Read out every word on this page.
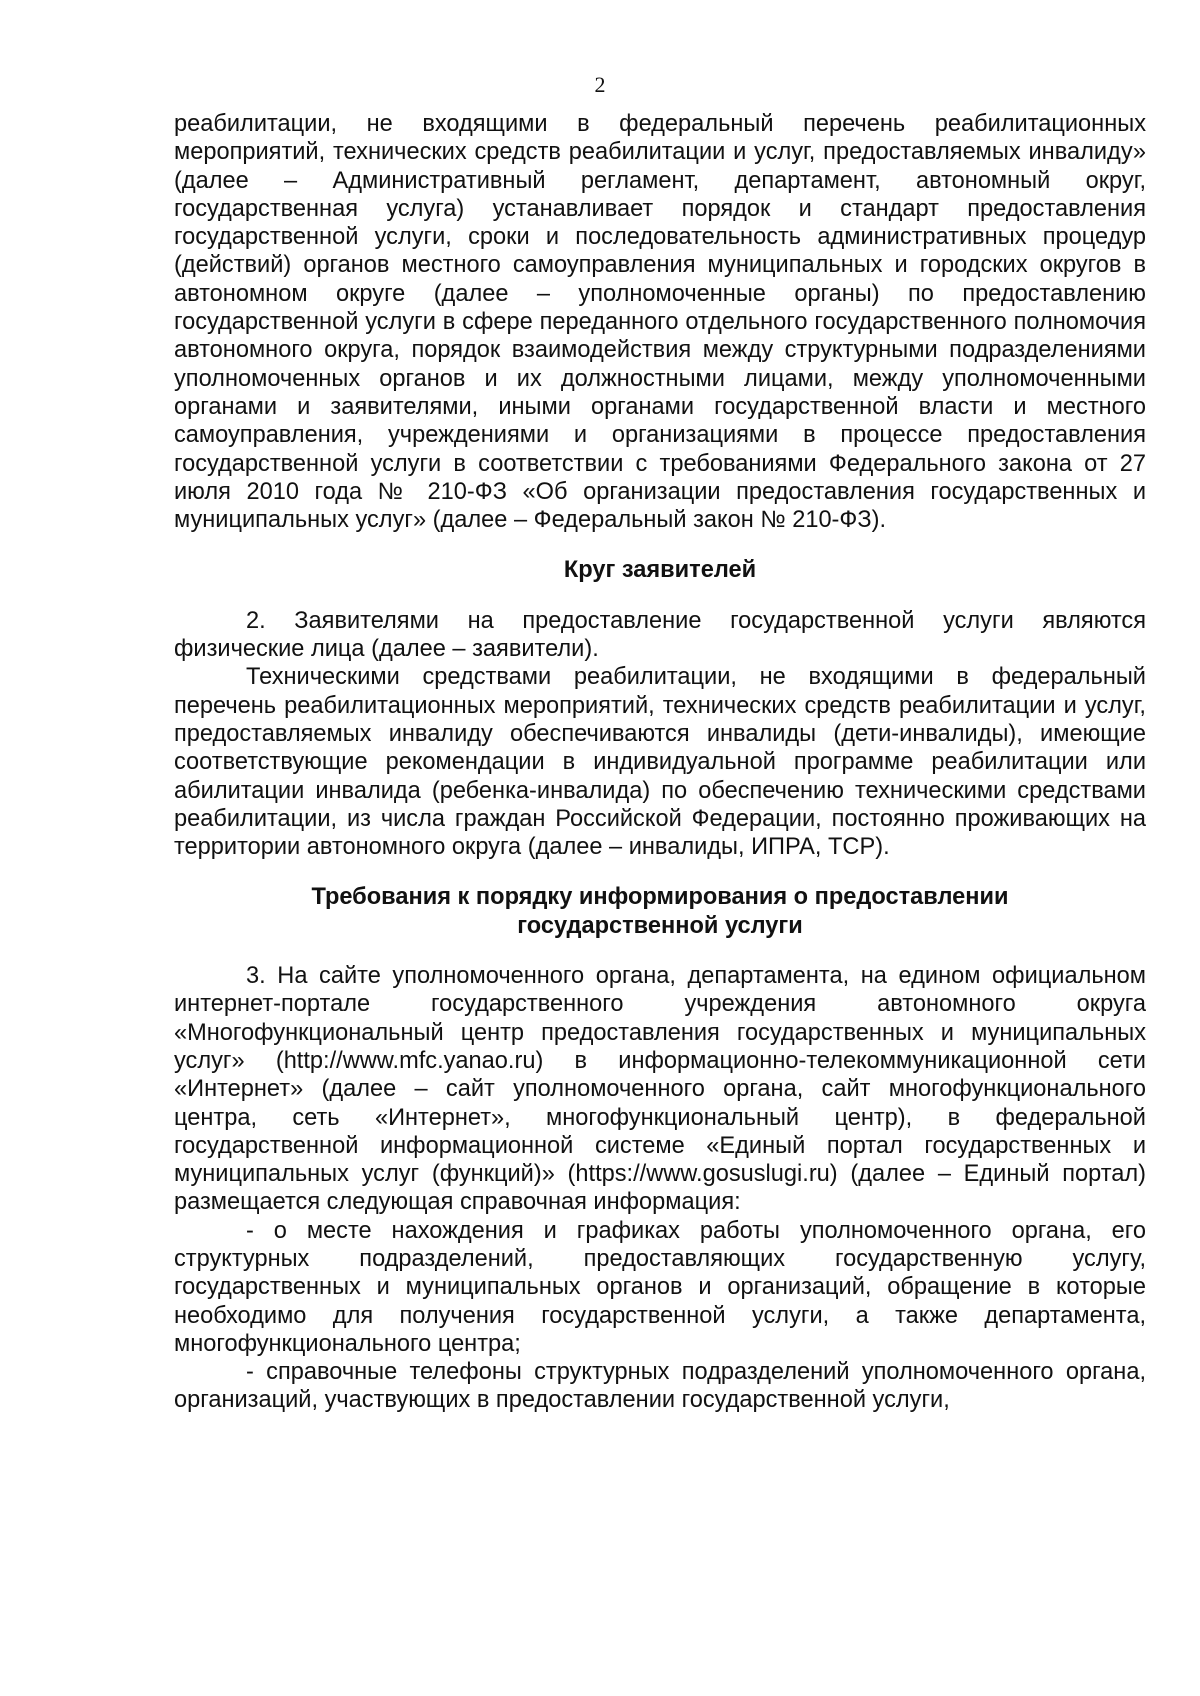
2

реабилитации, не входящими в федеральный перечень реабилитационных мероприятий, технических средств реабилитации и услуг, предоставляемых инвалиду» (далее – Административный регламент, департамент, автономный округ, государственная услуга) устанавливает порядок и стандарт предоставления государственной услуги, сроки и последовательность административных процедур (действий) органов местного самоуправления муниципальных и городских округов в автономном округе (далее – уполномоченные органы) по предоставлению государственной услуги в сфере переданного отдельного государственного полномочия автономного округа, порядок взаимодействия между структурными подразделениями уполномоченных органов и их должностными лицами, между уполномоченными органами и заявителями, иными органами государственной власти и местного самоуправления, учреждениями и организациями в процессе предоставления государственной услуги в соответствии с требованиями Федерального закона от 27 июля 2010 года № 210-ФЗ «Об организации предоставления государственных и муниципальных услуг» (далее – Федеральный закон № 210-ФЗ).

Круг заявителей

2. Заявителями на предоставление государственной услуги являются физические лица (далее – заявители).

Техническими средствами реабилитации, не входящими в федеральный перечень реабилитационных мероприятий, технических средств реабилитации и услуг, предоставляемых инвалиду обеспечиваются инвалиды (дети-инвалиды), имеющие соответствующие рекомендации в индивидуальной программе реабилитации или абилитации инвалида (ребенка-инвалида) по обеспечению техническими средствами реабилитации, из числа граждан Российской Федерации, постоянно проживающих на территории автономного округа (далее – инвалиды, ИПРА, ТСР).

Требования к порядку информирования о предоставлении
государственной услуги

3. На сайте уполномоченного органа, департамента, на едином официальном интернет-портале государственного учреждения автономного округа «Многофункциональный центр предоставления государственных и муниципальных услуг» (http://www.mfc.yanao.ru) в информационно-телекоммуникационной сети «Интернет» (далее – сайт уполномоченного органа, сайт многофункционального центра, сеть «Интернет», многофункциональный центр), в федеральной государственной информационной системе «Единый портал государственных и муниципальных услуг (функций)» (https://www.gosuslugi.ru) (далее – Единый портал) размещается следующая справочная информация:

- о месте нахождения и графиках работы уполномоченного органа, его структурных подразделений, предоставляющих государственную услугу, государственных и муниципальных органов и организаций, обращение в которые необходимо для получения государственной услуги, а также департамента, многофункционального центра;

- справочные телефоны структурных подразделений уполномоченного органа, организаций, участвующих в предоставлении государственной услуги,
